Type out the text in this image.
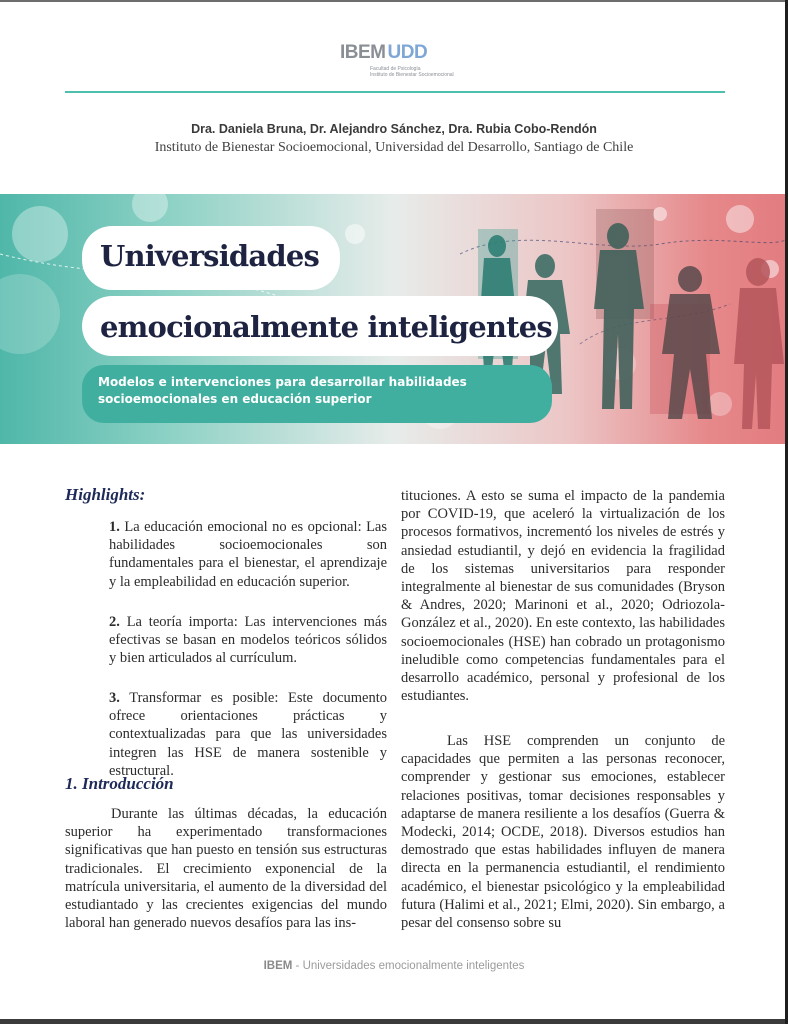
IBEM UDD
Facultad de Psicología
Instituto de Bienestar Socioemocional
Dra. Daniela Bruna, Dr. Alejandro Sánchez, Dra. Rubia Cobo-Rendón
Instituto de Bienestar Socioemocional, Universidad del Desarrollo, Santiago de Chile
Universidades
emocionalmente inteligentes
Modelos e intervenciones para desarrollar habilidades socioemocionales en educación superior
Highlights:
1. La educación emocional no es opcional: Las habilidades socioemocionales son fundamentales para el bienestar, el aprendizaje y la empleabilidad en educación superior.
2. La teoría importa: Las intervenciones más efectivas se basan en modelos teóricos sólidos y bien articulados al currículum.
3. Transformar es posible: Este documento ofrece orientaciones prácticas y contextualizadas para que las universidades integren las HSE de manera sostenible y estructural.
1. Introducción
Durante las últimas décadas, la educación superior ha experimentado transformaciones significativas que han puesto en tensión sus estructuras tradicionales. El crecimiento exponencial de la matrícula universitaria, el aumento de la diversidad del estudiantado y las crecientes exigencias del mundo laboral han generado nuevos desafíos para las ins-
tituciones. A esto se suma el impacto de la pandemia por COVID-19, que aceleró la virtualización de los procesos formativos, incrementó los niveles de estrés y ansiedad estudiantil, y dejó en evidencia la fragilidad de los sistemas universitarios para responder integralmente al bienestar de sus comunidades (Bryson & Andres, 2020; Marinoni et al., 2020; Odriozola-González et al., 2020). En este contexto, las habilidades socioemocionales (HSE) han cobrado un protagonismo ineludible como competencias fundamentales para el desarrollo académico, personal y profesional de los estudiantes.
Las HSE comprenden un conjunto de capacidades que permiten a las personas reconocer, comprender y gestionar sus emociones, establecer relaciones positivas, tomar decisiones responsables y adaptarse de manera resiliente a los desafíos (Guerra & Modecki, 2014; OCDE, 2018). Diversos estudios han demostrado que estas habilidades influyen de manera directa en la permanencia estudiantil, el rendimiento académico, el bienestar psicológico y la empleabilidad futura (Halimi et al., 2021; Elmi, 2020). Sin embargo, a pesar del consenso sobre su
IBEM - Universidades emocionalmente inteligentes
